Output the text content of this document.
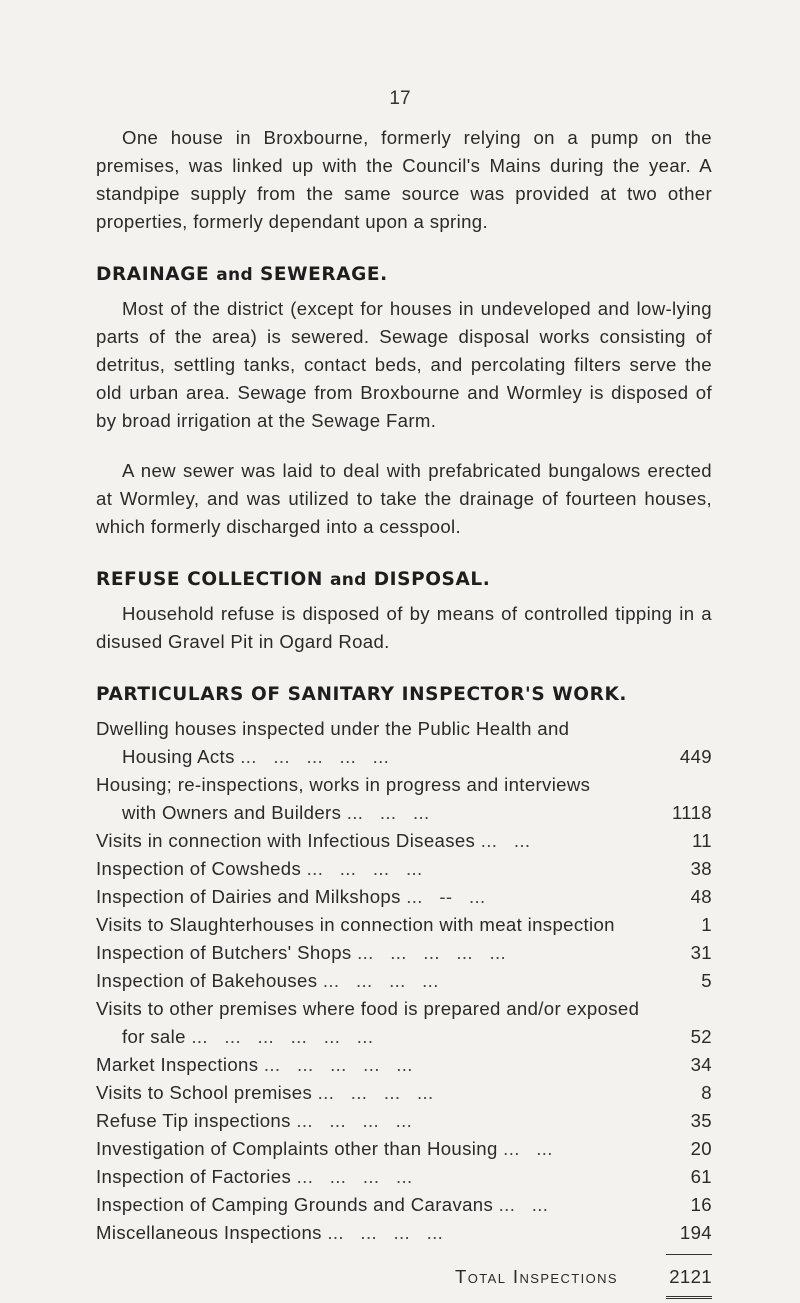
17

One house in Broxbourne, formerly relying on a pump on the premises, was linked up with the Council's Mains during the year. A standpipe supply from the same source was provided at two other properties, formerly dependant upon a spring.

DRAINAGE and SEWERAGE.

Most of the district (except for houses in undeveloped and low-lying parts of the area) is sewered. Sewage disposal works consisting of detritus, settling tanks, contact beds, and percolating filters serve the old urban area. Sewage from Broxbourne and Wormley is disposed of by broad irrigation at the Sewage Farm.

A new sewer was laid to deal with prefabricated bungalows erected at Wormley, and was utilized to take the drainage of fourteen houses, which formerly discharged into a cesspool.

REFUSE COLLECTION and DISPOSAL.

Household refuse is disposed of by means of controlled tipping in a disused Gravel Pit in Ogard Road.

PARTICULARS OF SANITARY INSPECTOR'S WORK.
Dwelling houses inspected under the Public Health and
Housing Acts ...   ...   ...   ...   ...	449
Housing; re-inspections, works in progress and interviews
with Owners and Builders ...   ...   ...	1118
Visits in connection with Infectious Diseases ...   ...	11
Inspection of Cowsheds ...   ...   ...   ...	38
Inspection of Dairies and Milkshops ...   --   ...	48
Visits to Slaughterhouses in connection with meat inspection	1
Inspection of Butchers' Shops ...   ...   ...   ...   ...	31
Inspection of Bakehouses ...   ...   ...   ...	5
Visits to other premises where food is prepared and/or exposed
for sale ...   ...   ...   ...   ...   ...	52
Market Inspections ...   ...   ...   ...   ...	34
Visits to School premises ...   ...   ...   ...	8
Refuse Tip inspections ...   ...   ...   ...	35
Investigation of Complaints other than Housing ...   ...	20
Inspection of Factories ...   ...   ...   ...	61
Inspection of Camping Grounds and Caravans ...   ...	16
Miscellaneous Inspections ...   ...   ...   ...	194
Total Inspections	2121
